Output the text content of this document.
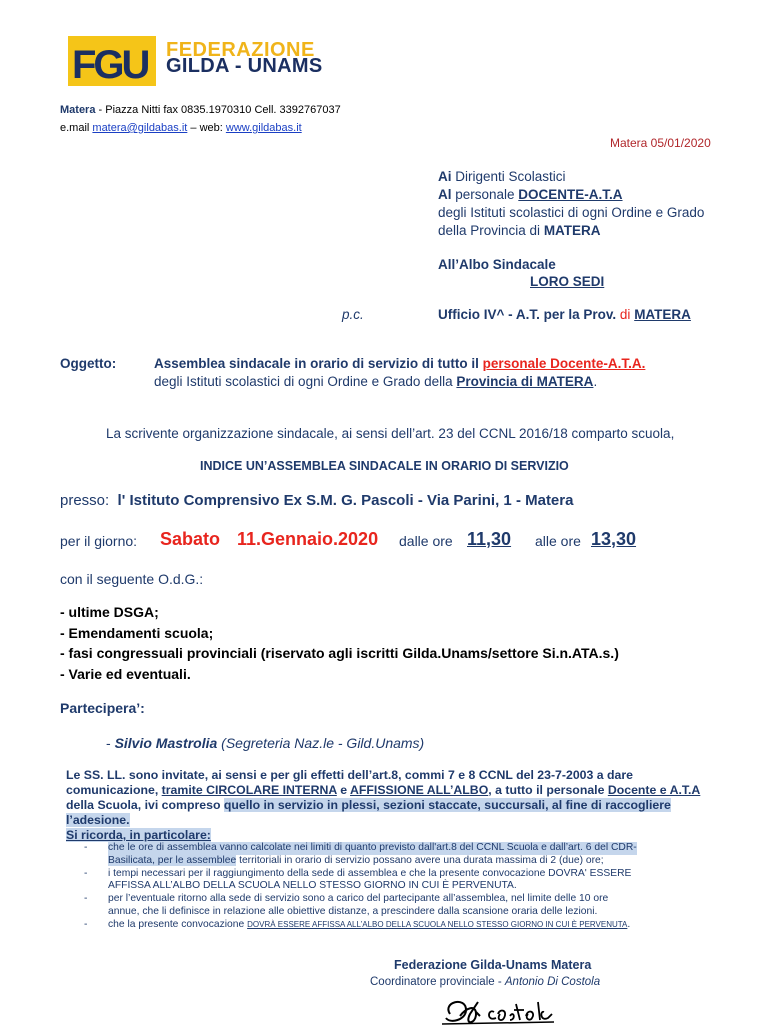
FGU FEDERAZIONE
GILDA - UNAMS
Matera - Piazza Nitti fax 0835.1970310 Cell. 3392767037
e.mail matera@gildabas.it – web: www.gildabas.it
Matera 05/01/2020
Ai Dirigenti Scolastici
Al personale DOCENTE-A.T.A
degli Istituti scolastici di ogni Ordine e Grado
della Provincia di MATERA
All’Albo Sindacale
LORO SEDI
p.c.	Ufficio IV^ - A.T. per la Prov. di MATERA
Oggetto:	Assemblea sindacale in orario di servizio di tutto il personale Docente-A.T.A.
degli Istituti scolastici di ogni Ordine e Grado della Provincia di MATERA.
La scrivente organizzazione sindacale, ai sensi dell’art. 23 del CCNL 2016/18 comparto scuola,
INDICE UN’ASSEMBLEA SINDACALE IN ORARIO DI SERVIZIO
presso: l' Istituto Comprensivo Ex S.M. G. Pascoli - Via Parini, 1 - Matera
per il giorno: Sabato 11.Gennaio.2020 dalle ore 11,30 alle ore 13,30
con il seguente O.d.G.:
- ultime DSGA;
- Emendamenti scuola;
- fasi congressuali provinciali (riservato agli iscritti Gilda.Unams/settore Si.n.ATA.s.)
- Varie ed eventuali.
Partecipera’:
- Silvio Mastrolia (Segreteria Naz.le - Gild.Unams)
Le SS. LL. sono invitate, ai sensi e per gli effetti dell’art.8, commi 7 e 8 CCNL del 23-7-2003 a dare
comunicazione, tramite CIRCOLARE INTERNA e AFFISSIONE ALL’ALBO, a tutto il personale Docente e A.T.A
della Scuola, ivi compreso quello in servizio in plessi, sezioni staccate, succursali, al fine di raccogliere
l’adesione.
Si ricorda, in particolare:
- che le ore di assemblea vanno calcolate nei limiti di quanto previsto dall'art.8 del CCNL Scuola e dall’art. 6 del CDR-
Basilicata, per le assemblee territoriali in orario di servizio possano avere una durata massima di 2 (due) ore;
- i tempi necessari per il raggiungimento della sede di assemblea e che la presente convocazione DOVRA' ESSERE
AFFISSA ALL’ALBO DELLA SCUOLA NELLO STESSO GIORNO IN CUI È PERVENUTA.
- per l’eventuale ritorno alla sede di servizio sono a carico del partecipante all’assemblea, nel limite delle 10 ore
annue, che li definisce in relazione alle obiettive distanze, a prescindere dalla scansione oraria delle lezioni.
- che la presente convocazione DOVRÀ ESSERE AFFISSA ALL’ALBO DELLA SCUOLA NELLO STESSO GIORNO IN CUI È PERVENUTA.
Federazione Gilda-Unams Matera
Coordinatore provinciale - Antonio Di Costola
